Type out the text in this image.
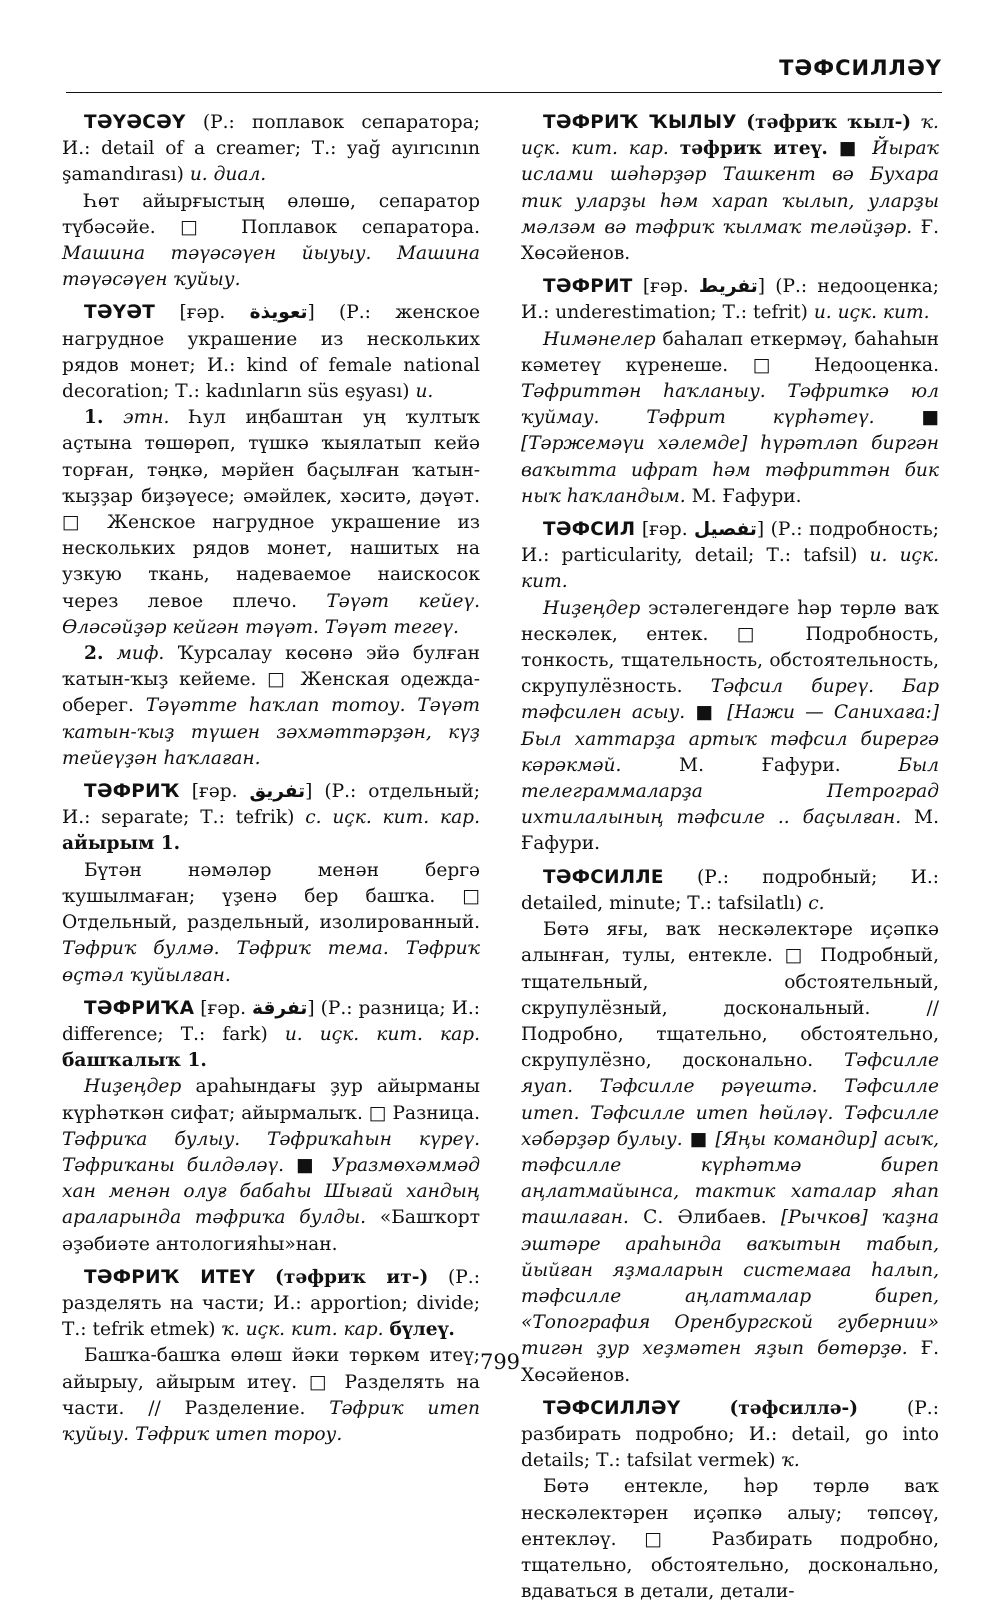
ТӘФСИЛЛӘҮ

ТӘҮӘСӘҮ (Р.: поплавок сепаратора; И.: detail of a creamer; Т.: yağ ayırıcının şamandırası) и. диал.

Һөт айырғыстың өлөшө, сепаратор түбәсәйе. □ Поплавок сепаратора. Машина тәүәсәүен йыуыу. Машина тәүәсәүен ҡуйыу.

ТӘҮӘТ [ғәр. تعويذة] (Р.: женское нагрудное украшение из нескольких рядов монет; И.: kind of female national decoration; Т.: kadınların süs eşyası) и.

1. этн. Һул иңбаштан уң ҡултыҡ аҫтына төшөрөп, түшкә ҡыялатып кейә торған, тәңкә, мәрйен баҫылған ҡатын-ҡыҙҙар биҙәүесе; әмәйлек, хәситә, дәүәт. □ Женское нагрудное украшение из нескольких рядов монет, нашитых на узкую ткань, надеваемое наискосок через левое плечо. Тәүәт кейеү. Өләсәйҙәр кейгән тәүәт. Тәүәт тегеү.

2. миф. Ҡурсалау көсөнә эйә булған ҡатын-ҡыҙ кейеме. □ Женская одежда-оберег. Тәүәтте һаҡлап тотоу. Тәүәт ҡатын-ҡыҙ түшен зәхмәттәрҙән, күҙ тейеүҙән һаҡлаған.

ТӘФРИҠ [ғәр. تفريق] (Р.: отдельный; И.: separate; Т.: tefrik) с. иҫк. кит. кар. айырым 1.

Бүтән нәмәләр менән бергә ҡушылмаған; үҙенә бер башҡа. □ Отдельный, раздельный, изолированный. Тәфриҡ булмә. Тәфриҡ тема. Тәфриҡ өҫтәл ҡуйылған.

ТӘФРИҠА [ғәр. تفرقة] (Р.: разница; И.: difference; Т.: fark) и. иҫк. кит. кар. башҡалыҡ 1.

Ниҙеңдер араһындағы ҙур айырманы күрһәткән сифат; айырмалыҡ. □ Разница. Тәфриҡа булыу. Тәфриҡаһын күреү. Тәфриҡаны билдәләү. ■ Уразмөхәммәд хан менән олуғ бабаһы Шығай хандың араларында тәфриҡа булды. «Башҡорт әҙәбиәте антологияһы»нан.

ТӘФРИҠ ИТЕҮ (тәфриҡ ит-) (Р.: разделять на части; И.: apportion; divide; Т.: tefrik etmek) ҡ. иҫк. кит. кар. бүлеү.

Башҡа-башҡа өлөш йәки төркөм итеү; айырыу, айырым итеү. □ Разделять на части. // Разделение. Тәфриҡ итеп ҡуйыу. Тәфриҡ итеп тороу.

ТӘФРИҠ ҠЫЛЫУ (тәфриҡ ҡыл-) ҡ. иҫк. кит. кар. тәфриҡ итеү. ■ Йыраҡ ислами шәһәрҙәр Ташкент вә Бухара тик уларҙы һәм харап ҡылып, уларҙы мәлзәм вә тәфриҡ ҡылмаҡ теләйҙәр. Ғ. Хөсәйенов.

ТӘФРИТ [ғәр. تفريط] (Р.: недооценка; И.: underestimation; Т.: tefrit) и. иҫк. кит.

Нимәнелер баһалап еткермәү, баһаһын кәметеү күренеше. □ Недооценка. Тәфриттән һаҡланыу. Тәфриткә юл ҡуймау. Тәфрит күрһәтеү. ■ [Тәржемәүи хәлемде] һүрәтләп биргән ваҡытта ифрат һәм тәфриттән бик ныҡ һаҡландым. М. Ғафури.

ТӘФСИЛ [ғәр. تفصيل] (Р.: подробность; И.: particularity, detail; Т.: tafsil) и. иҫк. кит.

Ниҙеңдер эстәлегендәге һәр төрлө ваҡ нескәлек, ентек. □ Подробность, тонкость, тщательность, обстоятельность, скрупулёзность. Тәфсил биреү. Бар тәфсилен асыу. ■ [Нажи — Санихаға:] Был хаттарҙа артыҡ тәфсил бирергә кәрәкмәй.	М. Ғафури.	Был телеграммаларҙа Петроград ихтилалының тәфсиле .. баҫылған. М. Ғафури.

ТӘФСИЛЛЕ (Р.: подробный; И.: detailed, minute; Т.: tafsilatlı) с.

Бөтә яғы, ваҡ нескәлектәре иҫәпкә алынған, тулы, ентекле. □ Подробный, тщательный, обстоятельный, скрупулёзный, доскональный. // Подробно, тщательно, обстоятельно, скрупулёзно, досконально. Тәфсилле яуап. Тәфсилле рәүештә. Тәфсилле итеп. Тәфсилле итеп һөйләү. Тәфсилле хәбәрҙәр булыу. ■ [Яңы командир] асыҡ, тәфсилле күрһәтмә биреп аңлатмайынса, тактик хаталар яһап ташлаған. С. Әлибаев. [Рычков] ҡаҙна эштәре араһында ваҡытын табып, йыйған яҙмаларын системаға һалып, тәфсилле аңлатмалар биреп, «Топография Оренбургской губернии» тигән ҙур хеҙмәтен яҙып бөтөрҙө. Ғ. Хөсәйенов.

ТӘФСИЛЛӘҮ	(тәфсиллә-)	(Р.: разбирать подробно; И.: detail, go into details; Т.: tafsilat vermek) ҡ.

Бөтә ентекле, һәр төрлө ваҡ нескәлектәрен иҫәпкә алыу; төпсөү, ентекләү. □ Разбирать подробно, тщательно, обстоятельно, досконально, вдаваться в детали, детали-

799
